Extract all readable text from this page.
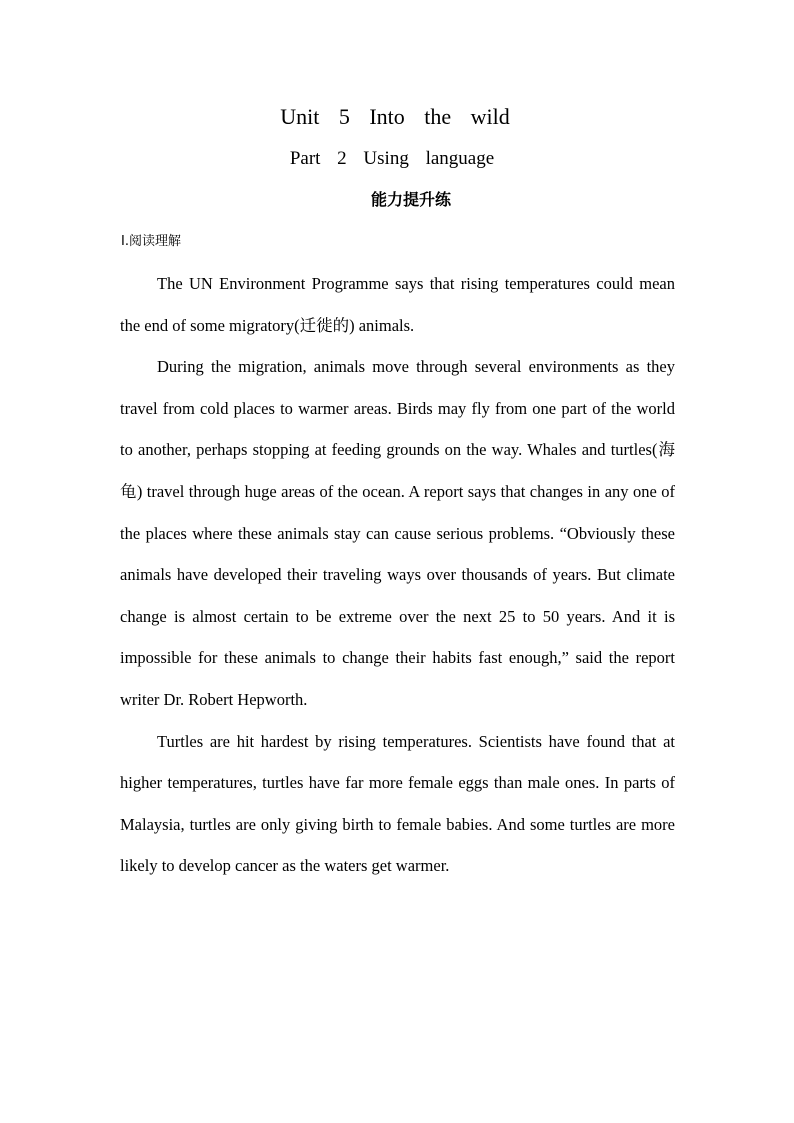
Unit 5 Into the wild
Part 2 Using language
能力提升练
Ⅰ.阅读理解

The UN Environment Programme says that rising temperatures could mean the end of some migratory(迁徙的) animals.

During the migration, animals move through several environments as they travel from cold places to warmer areas. Birds may fly from one part of the world to another, perhaps stopping at feeding grounds on the way. Whales and turtles(海龟) travel through huge areas of the ocean. A report says that changes in any one of the places where these animals stay can cause serious problems. “Obviously these animals have developed their traveling ways over thousands of years. But climate change is almost certain to be extreme over the next 25 to 50 years. And it is impossible for these animals to change their habits fast enough,” said the report writer Dr. Robert Hepworth.

Turtles are hit hardest by rising temperatures. Scientists have found that at higher temperatures, turtles have far more female eggs than male ones. In parts of Malaysia, turtles are only giving birth to female babies. And some turtles are more likely to develop cancer as the waters get warmer.
